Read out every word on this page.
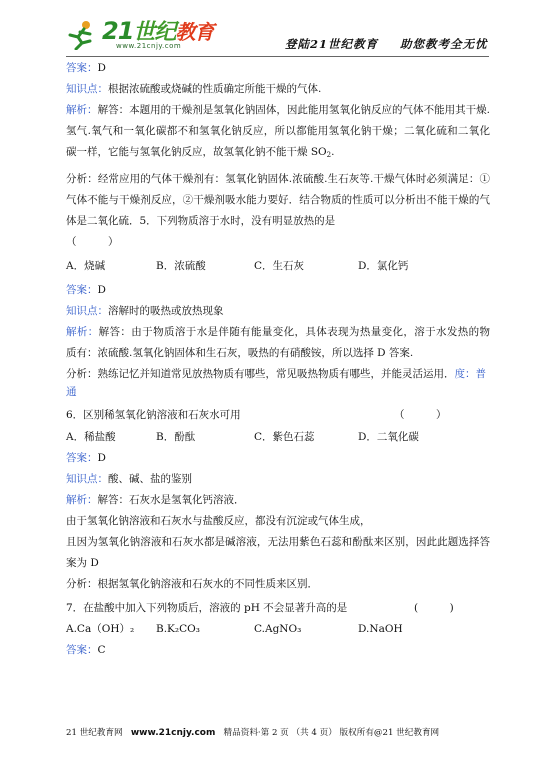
21世纪教育
www.21cnjy.com	登陆21世纪教育 助您教考全无忧
答案：D
知识点：根据浓硫酸或烧碱的性质确定所能干燥的气体.
解析：解答：本题用的干燥剂是氢氧化钠固体，因此能用氢氧化钠反应的气体不能用其干燥.
氢气.氧气和一氧化碳都不和氢氧化钠反应，所以都能用氢氧化钠干燥；二氧化硫和二氧化
碳一样，它能与氢氧化钠反应，故氢氧化钠不能干燥 $SO_2$.
分析：经常应用的气体干燥剂有：氢氧化钠固体.浓硫酸.生石灰等.干燥气体时必须满足：①
气体不能与干燥剂反应，②干燥剂吸水能力要好．结合物质的性质可以分析出不能干燥的气
体是二氧化硫．5．下列物质溶于水时，没有明显放热的是
（　　　）
A．烧碱	B．浓硫酸	C．生石灰	D．氯化钙
答案：D
知识点：溶解时的吸热或放热现象
解析：解答：由于物质溶于水是伴随有能量变化，具体表现为热量变化，溶于水发热的物
质有：浓硫酸.氢氧化钠固体和生石灰，吸热的有硝酸铵，所以选择 D 答案.
分析：熟练记忆并知道常见放热物质有哪些，常见吸热物质有哪些，并能灵活运用．度：普
通
6．区别稀氢氧化钠溶液和石灰水可用	（　　　）
A．稀盐酸	B．酚酞	C．紫色石蕊	D．二氧化碳
答案：D
知识点：酸、碱、盐的鉴别
解析：解答：石灰水是氢氧化钙溶液．
由于氢氧化钠溶液和石灰水与盐酸反应，都没有沉淀或气体生成，
且因为氢氧化钠溶液和石灰水都是碱溶液，无法用紫色石蕊和酚酞来区别，因此此题选择答
案为 D
分析：根据氢氧化钠溶液和石灰水的不同性质来区别．
7．在盐酸中加入下列物质后，溶液的 pH 不会显著升高的是	(　　　)
A.Ca（OH）₂ B.K₂CO₃	C.AgNO₃	D.NaOH
答案：C
21 世纪教育网 www.21cnjy.com 精品资料·第 2 页 （共 4 页） 版权所有@21 世纪教育网
